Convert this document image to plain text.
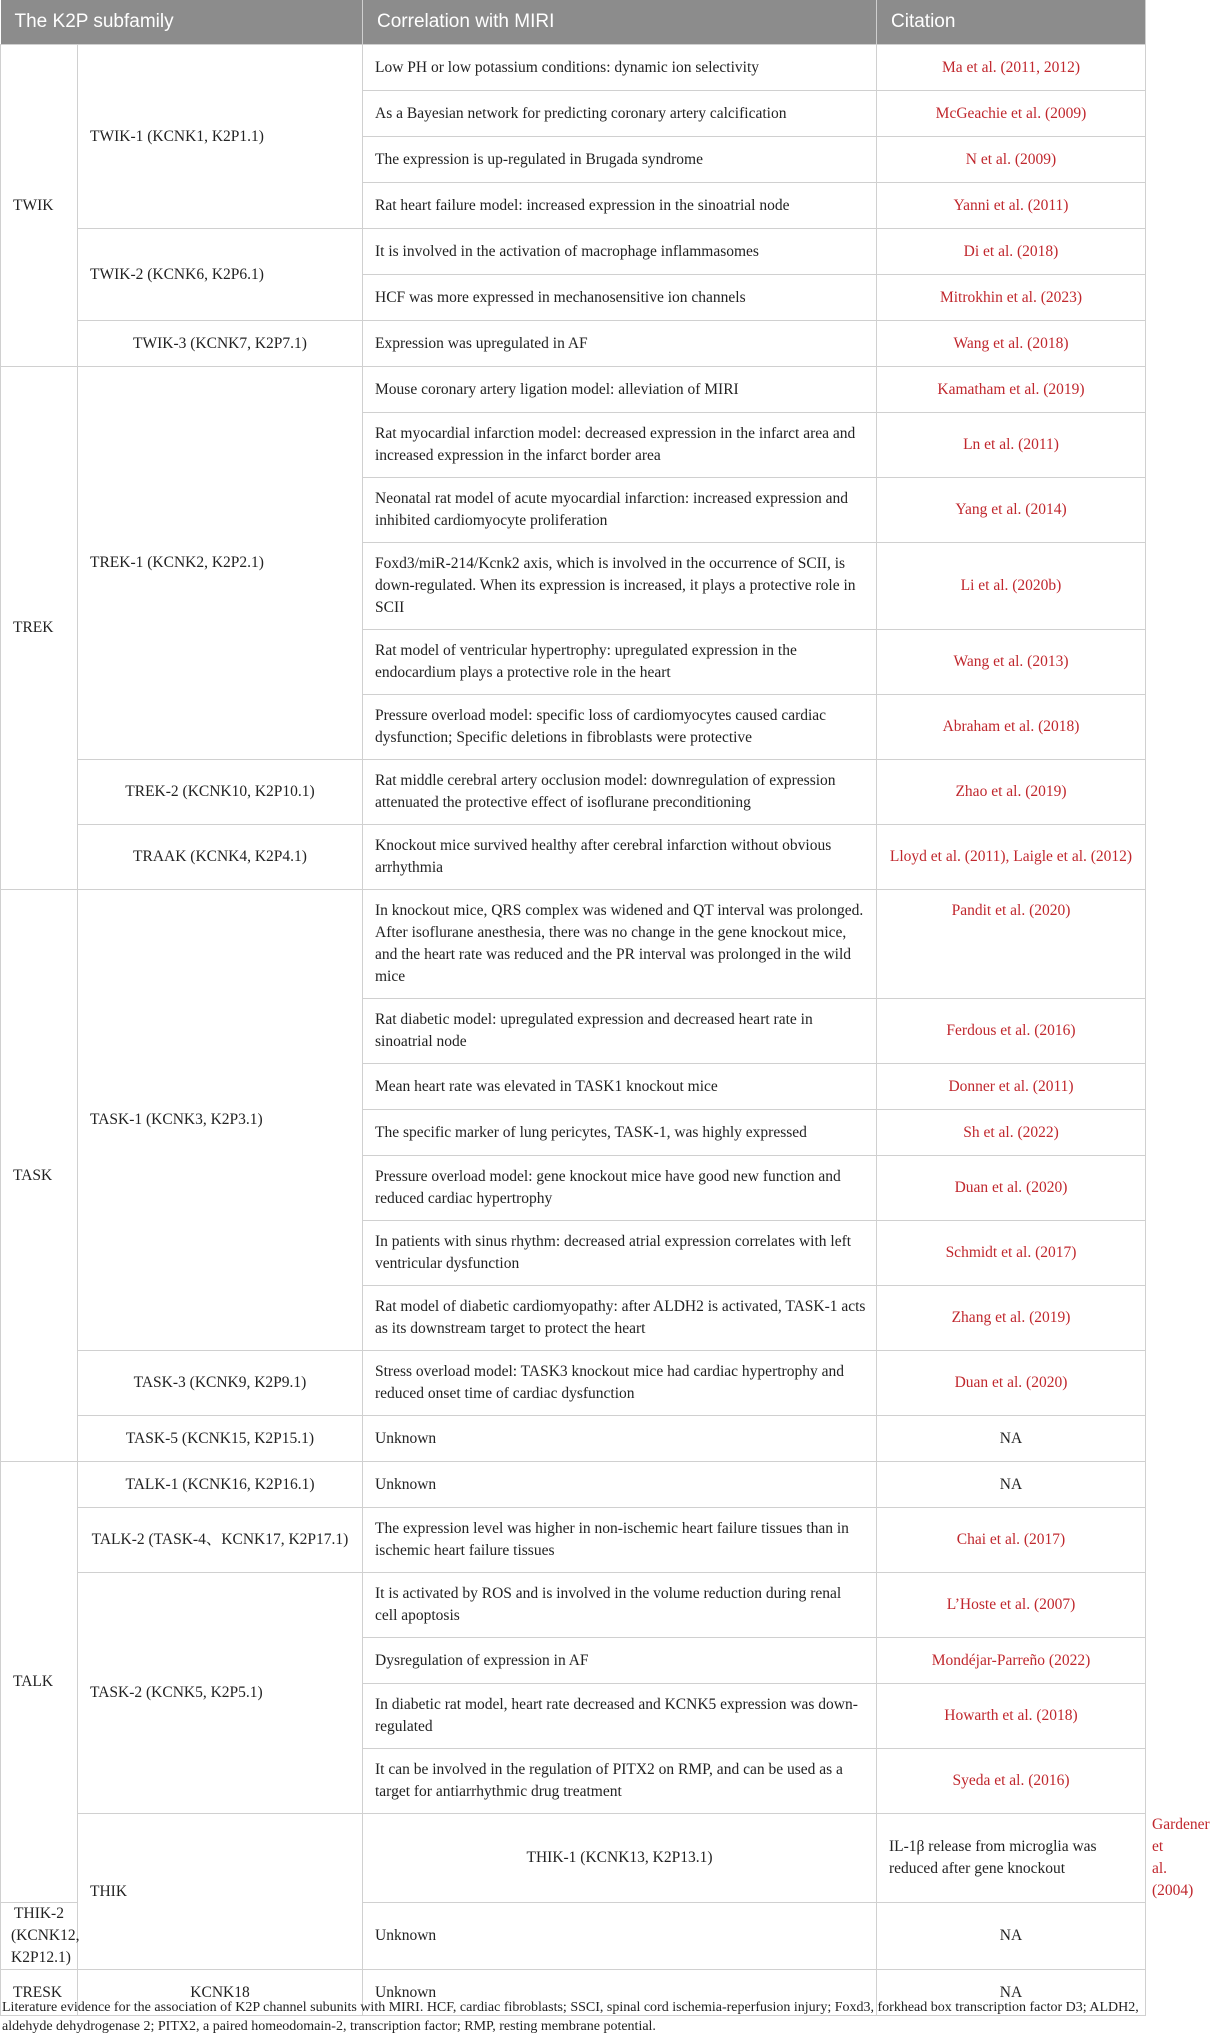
The K2P subfamily		Correlation with MIRI	Citation	
TWIK	TWIK-1 (KCNK1, K2P1.1)	Low PH or low potassium conditions: dynamic ion selectivity	Ma et al. (2011, 2012)	
		As a Bayesian network for predicting coronary artery calcification	McGeachie et al. (2009)	
		The expression is up-regulated in Brugada syndrome	N et al. (2009)	
		Rat heart failure model: increased expression in the sinoatrial node	Yanni et al. (2011)	
	TWIK-2 (KCNK6, K2P6.1)	It is involved in the activation of macrophage inflammasomes	Di et al. (2018)	
		HCF was more expressed in mechanosensitive ion channels	Mitrokhin et al. (2023)	
	TWIK-3 (KCNK7, K2P7.1)	Expression was upregulated in AF	Wang et al. (2018)	
TREK	TREK-1 (KCNK2, K2P2.1)	Mouse coronary artery ligation model: alleviation of MIRI	Kamatham et al. (2019)	
		Rat myocardial infarction model: decreased expression in the infarct area and increased expression in the infarct border area	Ln et al. (2011)	
		Neonatal rat model of acute myocardial infarction: increased expression and inhibited cardiomyocyte proliferation	Yang et al. (2014)	
		Foxd3/miR-214/Kcnk2 axis, which is involved in the occurrence of SCII, is down-regulated. When its expression is increased, it plays a protective role in SCII	Li et al. (2020b)	
		Rat model of ventricular hypertrophy: upregulated expression in the endocardium plays a protective role in the heart	Wang et al. (2013)	
		Pressure overload model: specific loss of cardiomyocytes caused cardiac dysfunction; Specific deletions in fibroblasts were protective	Abraham et al. (2018)	
	TREK-2 (KCNK10, K2P10.1)	Rat middle cerebral artery occlusion model: downregulation of expression attenuated the protective effect of isoflurane preconditioning	Zhao et al. (2019)	
	TRAAK (KCNK4, K2P4.1)	Knockout mice survived healthy after cerebral infarction without obvious arrhythmia	Lloyd et al. (2011), Laigle et al. (2012)	
TASK	TASK-1 (KCNK3, K2P3.1)	In knockout mice, QRS complex was widened and QT interval was prolonged. After isoflurane anesthesia, there was no change in the gene knockout mice, and the heart rate was reduced and the PR interval was prolonged in the wild mice	Pandit et al. (2020)	
		Rat diabetic model: upregulated expression and decreased heart rate in sinoatrial node	Ferdous et al. (2016)	
		Mean heart rate was elevated in TASK1 knockout mice	Donner et al. (2011)	
		The specific marker of lung pericytes, TASK-1, was highly expressed	Sh et al. (2022)	
		Pressure overload model: gene knockout mice have good new function and reduced cardiac hypertrophy	Duan et al. (2020)	
		In patients with sinus rhythm: decreased atrial expression correlates with left ventricular dysfunction	Schmidt et al. (2017)	
		Rat model of diabetic cardiomyopathy: after ALDH2 is activated, TASK-1 acts as its downstream target to protect the heart	Zhang et al. (2019)	
	TASK-3 (KCNK9, K2P9.1)	Stress overload model: TASK3 knockout mice had cardiac hypertrophy and reduced onset time of cardiac dysfunction	Duan et al. (2020)	
	TASK-5 (KCNK15, K2P15.1)	Unknown	NA	
TALK	TALK-1 (KCNK16, K2P16.1)	Unknown	NA	
	TALK-2 (TASK-4、KCNK17, K2P17.1)	The expression level was higher in non-ischemic heart failure tissues than in ischemic heart failure tissues	Chai et al. (2017)	
	TASK-2 (KCNK5, K2P5.1)	It is activated by ROS and is involved in the volume reduction during renal cell apoptosis	L’Hoste et al. (2007)	
		Dysregulation of expression in AF	Mondéjar-Parreño (2022)	
		In diabetic rat model, heart rate decreased and KCNK5 expression was down-regulated	Howarth et al. (2018)	
		It can be involved in the regulation of PITX2 on RMP, and can be used as a target for antiarrhythmic drug treatment	Syeda et al. (2016)	
	THIK	THIK-1 (KCNK13, K2P13.1)	IL-1β release from microglia was reduced after gene knockout	Gardener et al. (2004)
THIK-2 (KCNK12, K2P12.1)		Unknown	NA	
TRESK	KCNK18	Unknown	NA	
Literature evidence for the association of K2P channel subunits with MIRI. HCF, cardiac fibroblasts; SSCI, spinal cord ischemia-reperfusion injury; Foxd3, forkhead box transcription factor D3; ALDH2, aldehyde dehydrogenase 2; PITX2, a paired homeodomain-2, transcription factor; RMP, resting membrane potential.
